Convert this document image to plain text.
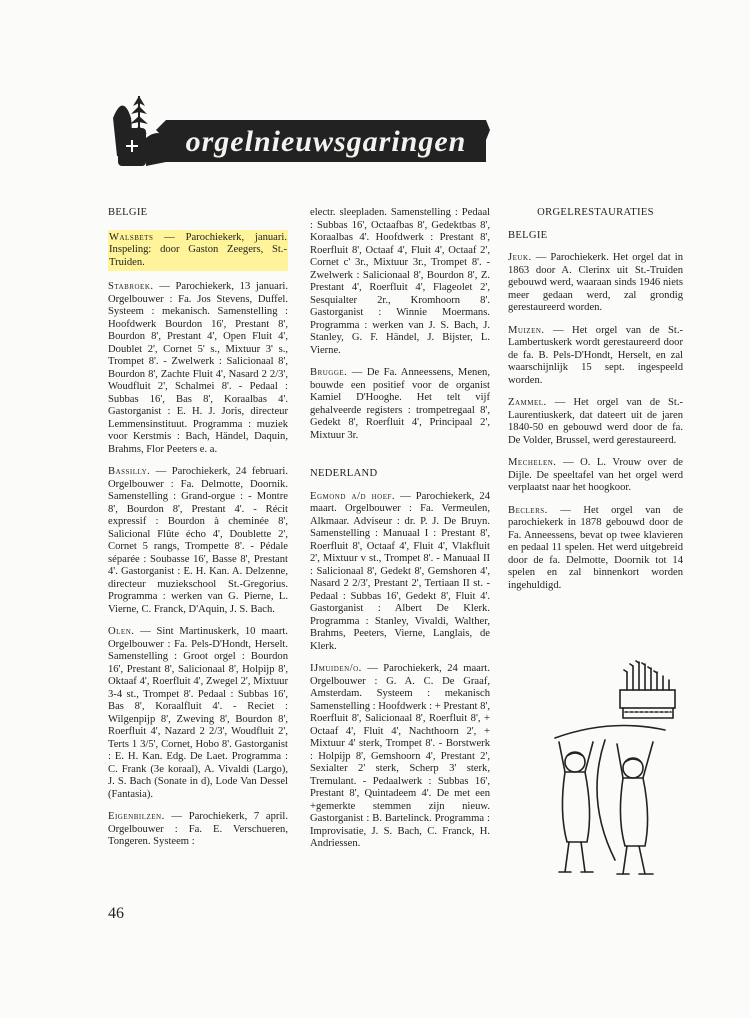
orgelnieuwsgaringen
BELGIE
Walsbets — Parochiekerk, januari. Inspeling: door Gaston Zeegers, St.-Truiden.
Stabroek. — Parochiekerk, 13 januari. Orgelbouwer : Fa. Jos Stevens, Duffel. Systeem : mekanisch. Samenstelling : Hoofdwerk Bourdon 16', Prestant 8', Bourdon 8', Prestant 4', Open Fluit 4', Doublet 2', Cornet 5' s., Mixtuur 3' s., Trompet 8'. - Zwelwerk : Salicionaal 8', Bourdon 8', Zachte Fluit 4', Nasard 2 2/3', Woudfluit 2', Schalmei 8'. - Pedaal : Subbas 16', Bas 8', Koraalbas 4'. Gastorganist : E. H. J. Joris, directeur Lemmensinstituut. Programma : muziek voor Kerstmis : Bach, Händel, Daquin, Brahms, Flor Peeters e. a.
Bassilly. — Parochiekerk, 24 februari. Orgelbouwer : Fa. Delmotte, Doornik. Samenstelling : Grand-orgue : - Montre 8', Bourdon 8', Prestant 4'. - Récit expressif : Bourdon à cheminée 8', Salicional Flûte écho 4', Doublette 2', Cornet 5 rangs, Trompette 8'. - Pédale séparée : Soubasse 16', Basse 8', Prestant 4'. Gastorganist : E. H. Kan. A. Delzenne, directeur muziekschool St.-Gregorius. Programma : werken van G. Pierne, L. Vierne, C. Franck, D'Aquin, J. S. Bach.
Olen. — Sint Martinuskerk, 10 maart. Orgelbouwer : Fa. Pels-D'Hondt, Herselt. Samenstelling : Groot orgel : Bourdon 16', Prestant 8', Salicionaal 8', Holpijp 8', Oktaaf 4', Roerfluit 4', Zwegel 2', Mixtuur 3-4 st., Trompet 8'. Pedaal : Subbas 16', Bas 8', Koraalfluit 4'. - Reciet : Wilgenpijp 8', Zweving 8', Bourdon 8', Roerfluit 4', Nazard 2 2/3', Woudfluit 2', Terts 1 3/5', Cornet, Hobo 8'. Gastorganist : E. H. Kan. Edg. De Laet. Programma : C. Frank (3e koraal), A. Vivaldi (Largo), J. S. Bach (Sonate in d), Lode Van Dessel (Fantasia).
Eigenbilzen. — Parochiekerk, 7 april. Orgelbouwer : Fa. E. Verschueren, Tongeren. Systeem :
electr. sleepladen. Samenstelling : Pedaal : Subbas 16', Octaafbas 8', Gedektbas 8', Koraalbas 4'. Hoofdwerk : Prestant 8', Roerfluit 8', Octaaf 4', Fluit 4', Octaaf 2', Cornet c' 3r., Mixtuur 3r., Trompet 8'. - Zwelwerk : Salicionaal 8', Bourdon 8', Z. Prestant 4', Roerfluit 4', Flageolet 2', Sesquialter 2r., Kromhoorn 8'. Gastorganist : Winnie Moermans. Programma : werken van J. S. Bach, J. Stanley, G. F. Händel, J. Bijster, L. Vierne.
Brugge. — De Fa. Anneessens, Menen, bouwde een positief voor de organist Kamiel D'Hooghe. Het telt vijf gehalveerde registers : trompetregaal 8', Gedekt 8', Roerfluit 4', Principaal 2', Mixtuur 3r.
NEDERLAND
Egmond a/d hoef. — Parochiekerk, 24 maart. Orgelbouwer : Fa. Vermeulen, Alkmaar. Adviseur : dr. P. J. De Bruyn. Samenstelling : Manuaal I : Prestant 8', Roerfluit 8', Octaaf 4', Fluit 4', Vlakfluit 2', Mixtuur v st., Trompet 8'. - Manuaal II : Salicionaal 8', Gedekt 8', Gemshoren 4', Nasard 2 2/3', Prestant 2', Tertiaan II st. - Pedaal : Subbas 16', Gedekt 8', Fluit 4'. Gastorganist : Albert De Klerk. Programma : Stanley, Vivaldi, Walther, Brahms, Peeters, Vierne, Langlais, de Klerk.
IJmuiden/o. — Parochiekerk, 24 maart. Orgelbouwer : G. A. C. De Graaf, Amsterdam. Systeem : mekanisch Samenstelling : Hoofdwerk : + Prestant 8', Roerfluit 8', Salicionaal 8', Roerfluit 8', + Octaaf 4', Fluit 4', Nachthoorn 2', + Mixtuur 4' sterk, Trompet 8'. - Borstwerk : Holpijp 8', Gemshoorn 4', Prestant 2', Sexialter 2' sterk, Scherp 3' sterk, Tremulant. - Pedaalwerk : Subbas 16', Prestant 8', Quintadeem 4'. De met een +gemerkte stemmen zijn nieuw. Gastorganist : B. Bartelinck. Programma : Improvisatie, J. S. Bach, C. Franck, H. Andriessen.
ORGELRESTAURATIES
BELGIE
Jeuk. — Parochiekerk. Het orgel dat in 1863 door A. Clerinx uit St.-Truiden gebouwd werd, waaraan sinds 1946 niets meer gedaan werd, zal grondig gerestaureerd worden.
Muizen. — Het orgel van de St.-Lambertuskerk wordt gerestaureerd door de fa. B. Pels-D'Hondt, Herselt, en zal waarschijnlijk 15 sept. ingespeeld worden.
Zammel. — Het orgel van de St.-Laurentiuskerk, dat dateert uit de jaren 1840-50 en gebouwd werd door de fa. De Volder, Brussel, werd gerestaureerd.
Mechelen. — O. L. Vrouw over de Dijle. De speeltafel van het orgel werd verplaatst naar het hoogkoor.
Beclers. — Het orgel van de parochiekerk in 1878 gebouwd door de Fa. Anneessens, bevat op twee klavieren en pedaal 11 spelen. Het werd uitgebreid door de fa. Delmotte, Doornik tot 14 spelen en zal binnenkort worden ingehuldigd.
46
